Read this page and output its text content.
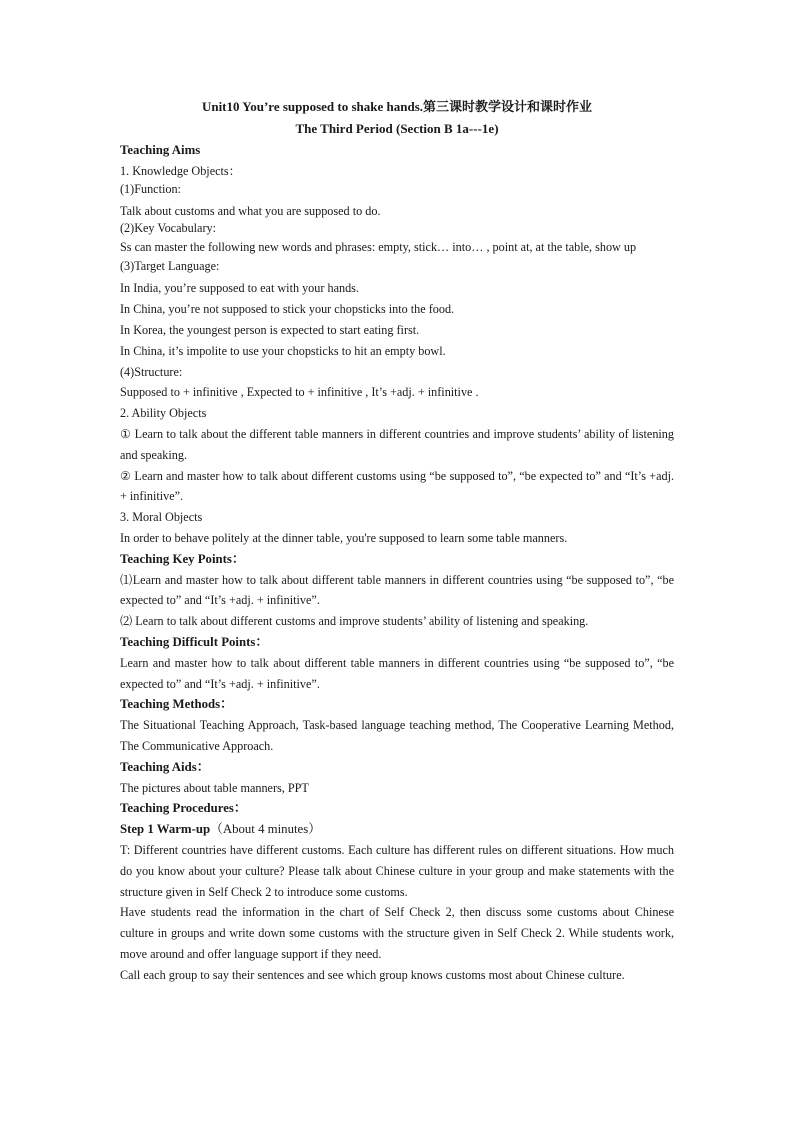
Unit10 You’re supposed to shake hands.第三课时教学设计和课时作业

The Third Period (Section B 1a---1e)

Teaching Aims

1. Knowledge Objects：

(1)Function:

Talk about customs and what you are supposed to do.

(2)Key Vocabulary:

Ss can master the following new words and phrases: empty, stick… into… , point at, at the table, show up

(3)Target Language:

In India, you’re supposed to eat with your hands.

In China, you’re not supposed to stick your chopsticks into the food.

In Korea, the youngest person is expected to start eating first.

In China, it’s impolite to use your chopsticks to hit an empty bowl.

(4)Structure:

Supposed to + infinitive , Expected to + infinitive , It’s +adj. + infinitive .

2. Ability Objects

① Learn to talk about the different table manners in different countries and improve students’ ability of listening and speaking.

② Learn and master how to talk about different customs using “be supposed to”, “be expected to” and “It’s +adj. + infinitive”.

3. Moral Objects

In order to behave politely at the dinner table, you're supposed to learn some table manners.

Teaching Key Points：

⑴Learn and master how to talk about different table manners in different countries using “be supposed to”, “be expected to” and “It’s +adj. + infinitive”.

⑵ Learn to talk about different customs and improve students’ ability of listening and speaking.

Teaching Difficult Points：

Learn and master how to talk about different table manners in different countries using “be supposed to”, “be expected to” and “It’s +adj. + infinitive”.

Teaching Methods：

The Situational Teaching Approach, Task-based language teaching method, The Cooperative Learning Method, The Communicative Approach.

Teaching Aids：

The pictures about table manners, PPT

Teaching Procedures：

Step 1 Warm-up（About 4 minutes）

T: Different countries have different customs. Each culture has different rules on different situations. How much do you know about your culture? Please talk about Chinese culture in your group and make statements with the structure given in Self Check 2 to introduce some customs.

Have students read the information in the chart of Self Check 2, then discuss some customs about Chinese culture in groups and write down some customs with the structure given in Self Check 2. While students work, move around and offer language support if they need.

Call each group to say their sentences and see which group knows customs most about Chinese culture.
